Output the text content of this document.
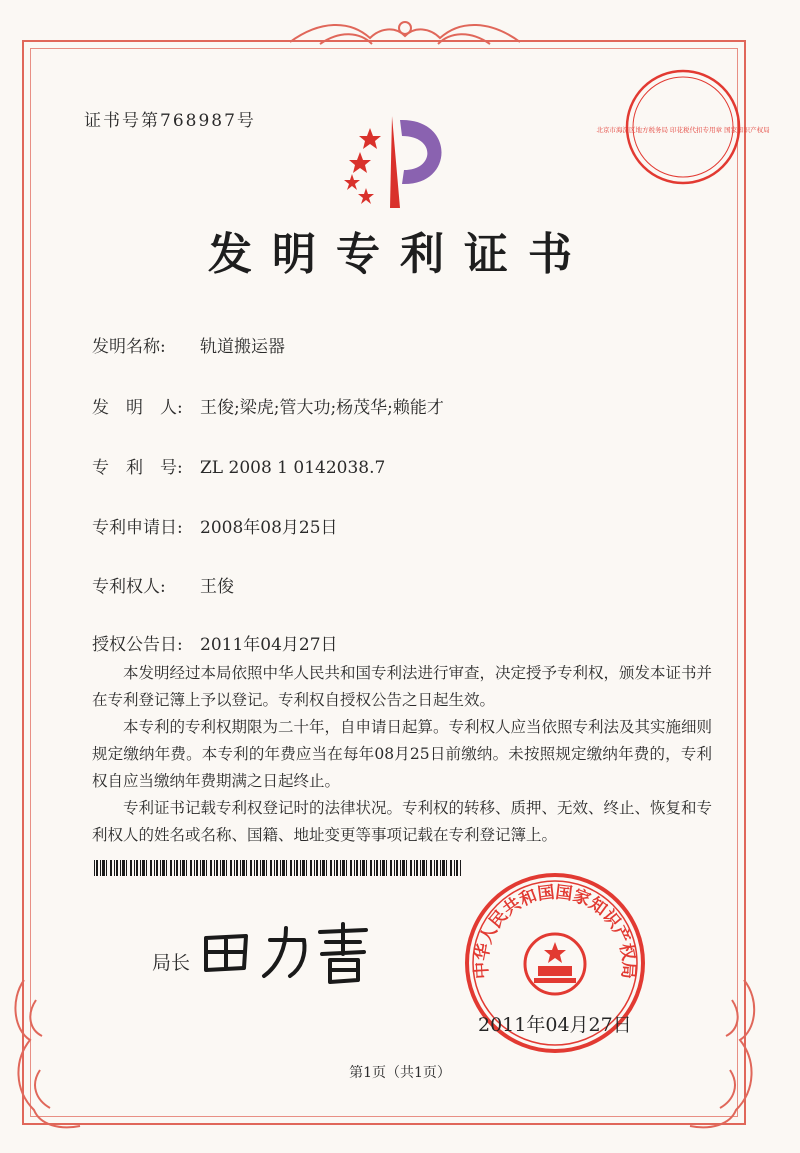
证书号第768987号	北京市海淀区地方税务局 印花税代扣专用章 国家知识产权局
发明专利证书
发明名称: 轨道搬运器
发　明　人: 王俊;梁虎;管大功;杨茂华;赖能才
专　利　号: ZL 2008 1 0142038.7
专利申请日: 2008年08月25日
专利权人: 王俊
授权公告日: 2011年04月27日

本发明经过本局依照中华人民共和国专利法进行审查，决定授予专利权，颁发本证书并在专利登记簿上予以登记。专利权自授权公告之日起生效。

本专利的专利权期限为二十年，自申请日起算。专利权人应当依照专利法及其实施细则规定缴纳年费。本专利的年费应当在每年08月25日前缴纳。未按照规定缴纳年费的，专利权自应当缴纳年费期满之日起终止。

专利证书记载专利权登记时的法律状况。专利权的转移、质押、无效、终止、恢复和专利权人的姓名或名称、国籍、地址变更等事项记载在专利登记簿上。

局长	中华人民共和国国家知识产权局
2011年04月27日
第1页（共1页）
